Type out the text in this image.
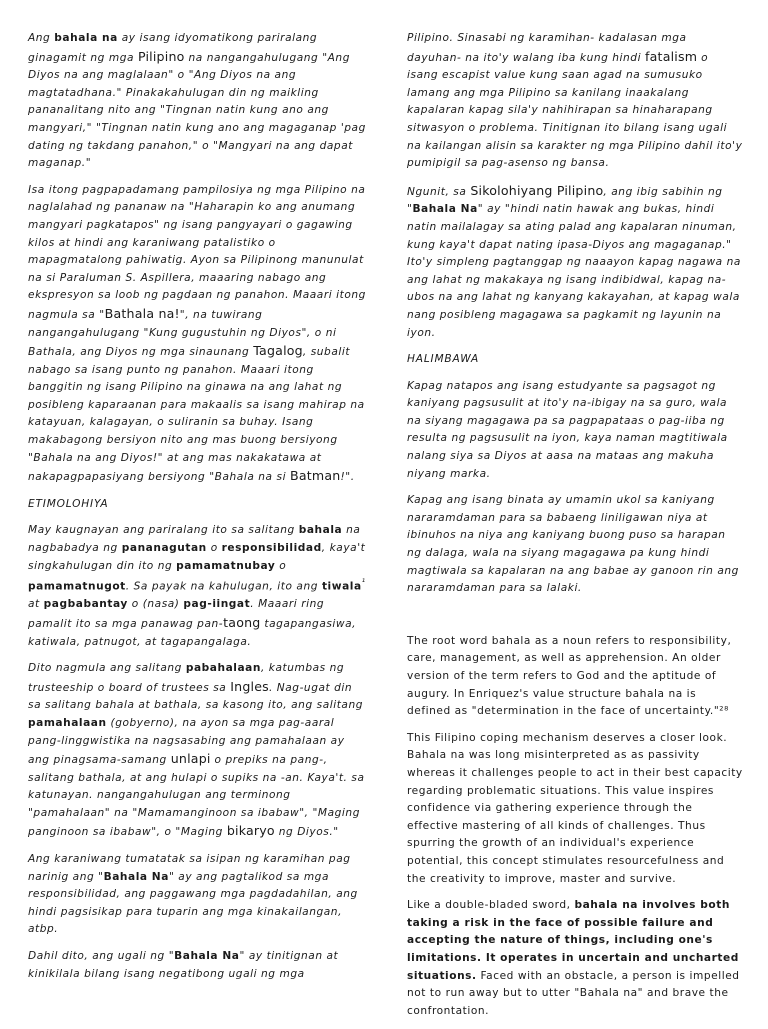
Ang bahala na ay isang idyomatikong pariralang ginagamit ng mga Pilipino na nangangahulugang "Ang Diyos na ang maglalaan" o "Ang Diyos na ang magtatadhana." Pinakakahulugan din ng maikling pananalitang nito ang "Tingnan natin kung ano ang mangyari," "Tingnan natin kung ano ang magaganap 'pag dating ng takdang panahon," o "Mangyari na ang dapat maganap."

Isa itong pagpapadamang pampilosiya ng mga Pilipino na naglalahad ng pananaw na "Haharapin ko ang anumang mangyari pagkatapos" ng isang pangyayari o gagawing kilos at hindi ang karaniwang patalistiko o mapagmatalong pahiwatig. Ayon sa Pilipinong manunulat na si Paraluman S. Aspillera, maaaring nabago ang ekspresyon sa loob ng pagdaan ng panahon. Maaari itong nagmula sa "Bathala na!", na tuwirang nangangahulugang "Kung gugustuhin ng Diyos", o ni Bathala, ang Diyos ng mga sinaunang Tagalog, subalit nabago sa isang punto ng panahon. Maaari itong banggitin ng isang Pilipino na ginawa na ang lahat ng posibleng kaparaanan para makaalis sa isang mahirap na katayuan, kalagayan, o suliranin sa buhay. Isang makabagong bersiyon nito ang mas buong bersiyong "Bahala na ang Diyos!" at ang mas nakakatawa at nakapagpapasiyang bersiyong "Bahala na si Batman!".

ETIMOLOHIYA

May kaugnayan ang pariralang ito sa salitang bahala na nagbabadya ng pananagutan o responsibilidad, kaya't singkahulugan din ito ng pamamatnubay o pamamatnugot. Sa payak na kahulugan, ito ang tiwala$^{^1}$ at pagbabantay o (nasa) pag-iingat. Maaari ring pamalit ito sa mga panawag pan-taong tagapangasiwa, katiwala, patnugot, at tagapangalaga.

Dito nagmula ang salitang pabahalaan, katumbas ng trusteeship o board of trustees sa Ingles. Nag-ugat din sa salitang bahala at bathala, sa kasong ito, ang salitang pamahalaan (gobyerno), na ayon sa mga pag-aaral pang-linggwistika na nagsasabing ang pamahalaan ay ang pinagsama-samang unlapi o prepiks na pang-, salitang bathala, at ang hulapi o supiks na -an. Kaya't. sa katunayan. nangangahulugan ang terminong "pamahalaan" na "Mamamanginoon sa ibabaw", "Maging panginoon sa ibabaw", o "Maging bikaryo ng Diyos."

Ang karaniwang tumatatak sa isipan ng karamihan pag narinig ang "Bahala Na" ay ang pagtalikod sa mga responsibilidad, ang paggawang mga pagdadahilan, ang hindi pagsisikap para tuparin ang mga kinakailangan, atbp.

Dahil dito, ang ugali ng "Bahala Na" ay tinitignan at kinikilala bilang isang negatibong ugali ng mga

Pilipino. Sinasabi ng karamihan- kadalasan mga dayuhan- na ito'y walang iba kung hindi fatalism o isang escapist value kung saan agad na sumusuko lamang ang mga Pilipino sa kanilang inaakalang kapalaran kapag sila'y nahihirapan sa hinaharapang sitwasyon o problema. Tinitignan ito bilang isang ugali na kailangan alisin sa karakter ng mga Pilipino dahil ito'y pumipigil sa pag-asenso ng bansa.

Ngunit, sa Sikolohiyang Pilipino, ang ibig sabihin ng "Bahala Na" ay "hindi natin hawak ang bukas, hindi natin mailalagay sa ating palad ang kapalaran ninuman, kung kaya't dapat nating ipasa-Diyos ang magaganap." Ito'y simpleng pagtanggap ng naaayon kapag nagawa na ang lahat ng makakaya ng isang indibidwal, kapag na-ubos na ang lahat ng kanyang kakayahan, at kapag wala nang posibleng magagawa sa pagkamit ng layunin na iyon.

HALIMBAWA

Kapag natapos ang isang estudyante sa pagsagot ng kaniyang pagsusulit at ito'y na-ibigay na sa guro, wala na siyang magagawa pa sa pagpapataas o pag-iiba ng resulta ng pagsusulit na iyon, kaya naman magtitiwala nalang siya sa Diyos at aasa na mataas ang makuha niyang marka.

Kapag ang isang binata ay umamin ukol sa kaniyang nararamdaman para sa babaeng liniligawan niya at ibinuhos na niya ang kaniyang buong puso sa harapan ng dalaga, wala na siyang magagawa pa kung hindi magtiwala sa kapalaran na ang babae ay ganoon rin ang nararamdaman para sa lalaki.

The root word bahala as a noun refers to responsibility, care, management, as well as apprehension. An older version of the term refers to God and the aptitude of augury. In Enriquez's value structure bahala na is defined as "determination in the face of uncertainty."²⁸

This Filipino coping mechanism deserves a closer look. Bahala na was long misinterpreted as as passivity whereas it challenges people to act in their best capacity regarding problematic situations. This value inspires confidence via gathering experience through the effective mastering of all kinds of challenges. Thus spurring the growth of an individual's experience potential, this concept stimulates resourcefulness and the creativity to improve, master and survive.

Like a double-bladed sword, bahala na involves both taking a risk in the face of possible failure and accepting the nature of things, including one's limitations. It operates in uncertain and uncharted situations. Faced with an obstacle, a person is impelled not to run away but to utter "Bahala na" and brave the confrontation.
